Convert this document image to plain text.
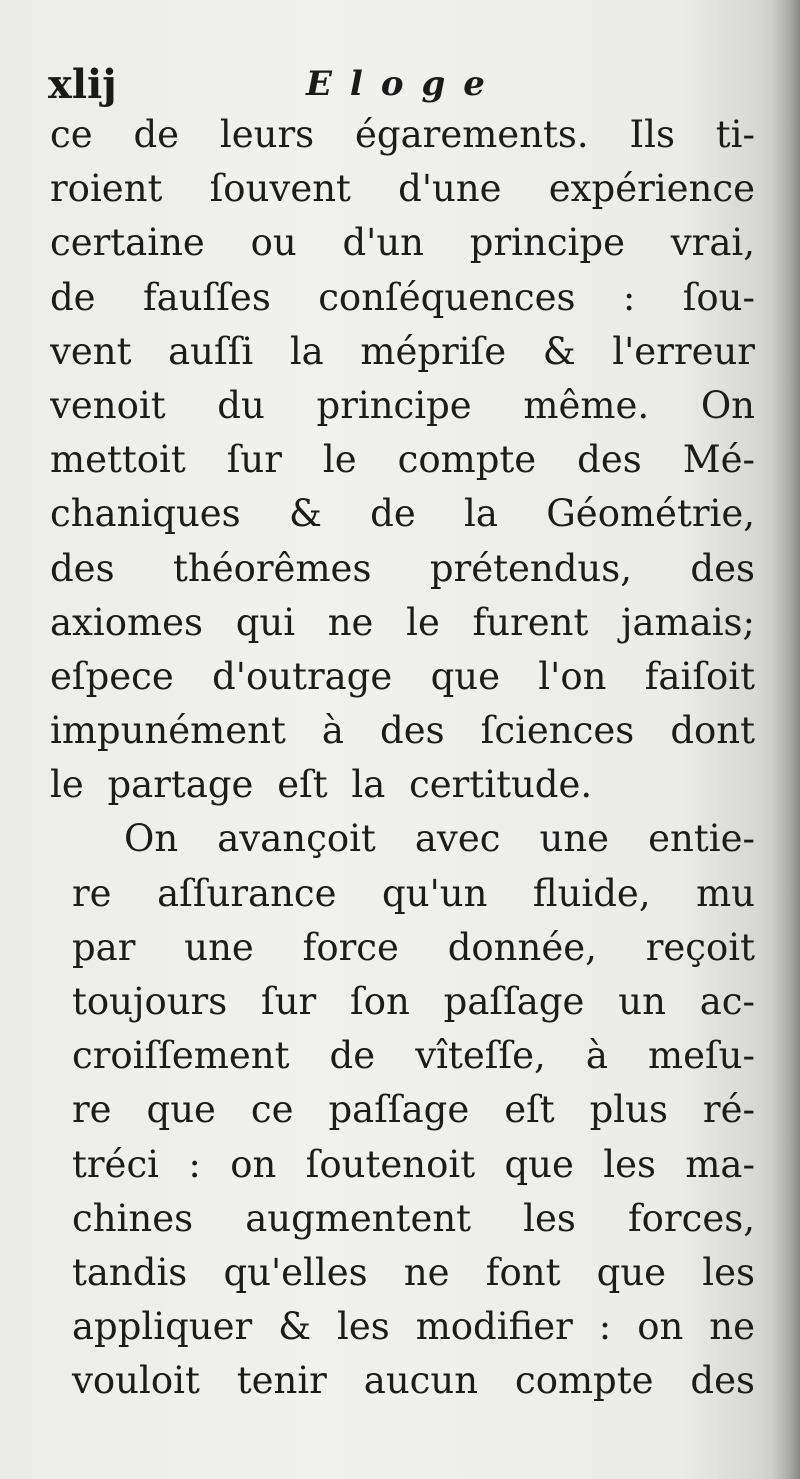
xlij	Eloge
ce de leurs égarements. Ils ti-
roient ſouvent d'une expérience
certaine ou d'un principe vrai,
de fauſſes conſéquences : ſou-
vent auſſi la mépriſe & l'erreur
venoit du principe même. On
mettoit ſur le compte des Mé-
chaniques & de la Géométrie,
des théorêmes prétendus, des
axiomes qui ne le furent jamais;
eſpece d'outrage que l'on faiſoit
impunément à des ſciences dont
le partage eſt la certitude.
On avançoit avec une entie-
re aſſurance qu'un fluide, mu
par une force donnée, reçoit
toujours ſur ſon paſſage un ac-
croiſſement de vîteſſe, à meſu-
re que ce paſſage eſt plus ré-
tréci : on ſoutenoit que les ma-
chines augmentent les forces,
tandis qu'elles ne font que les
appliquer & les modifier : on ne
vouloit tenir aucun compte des
